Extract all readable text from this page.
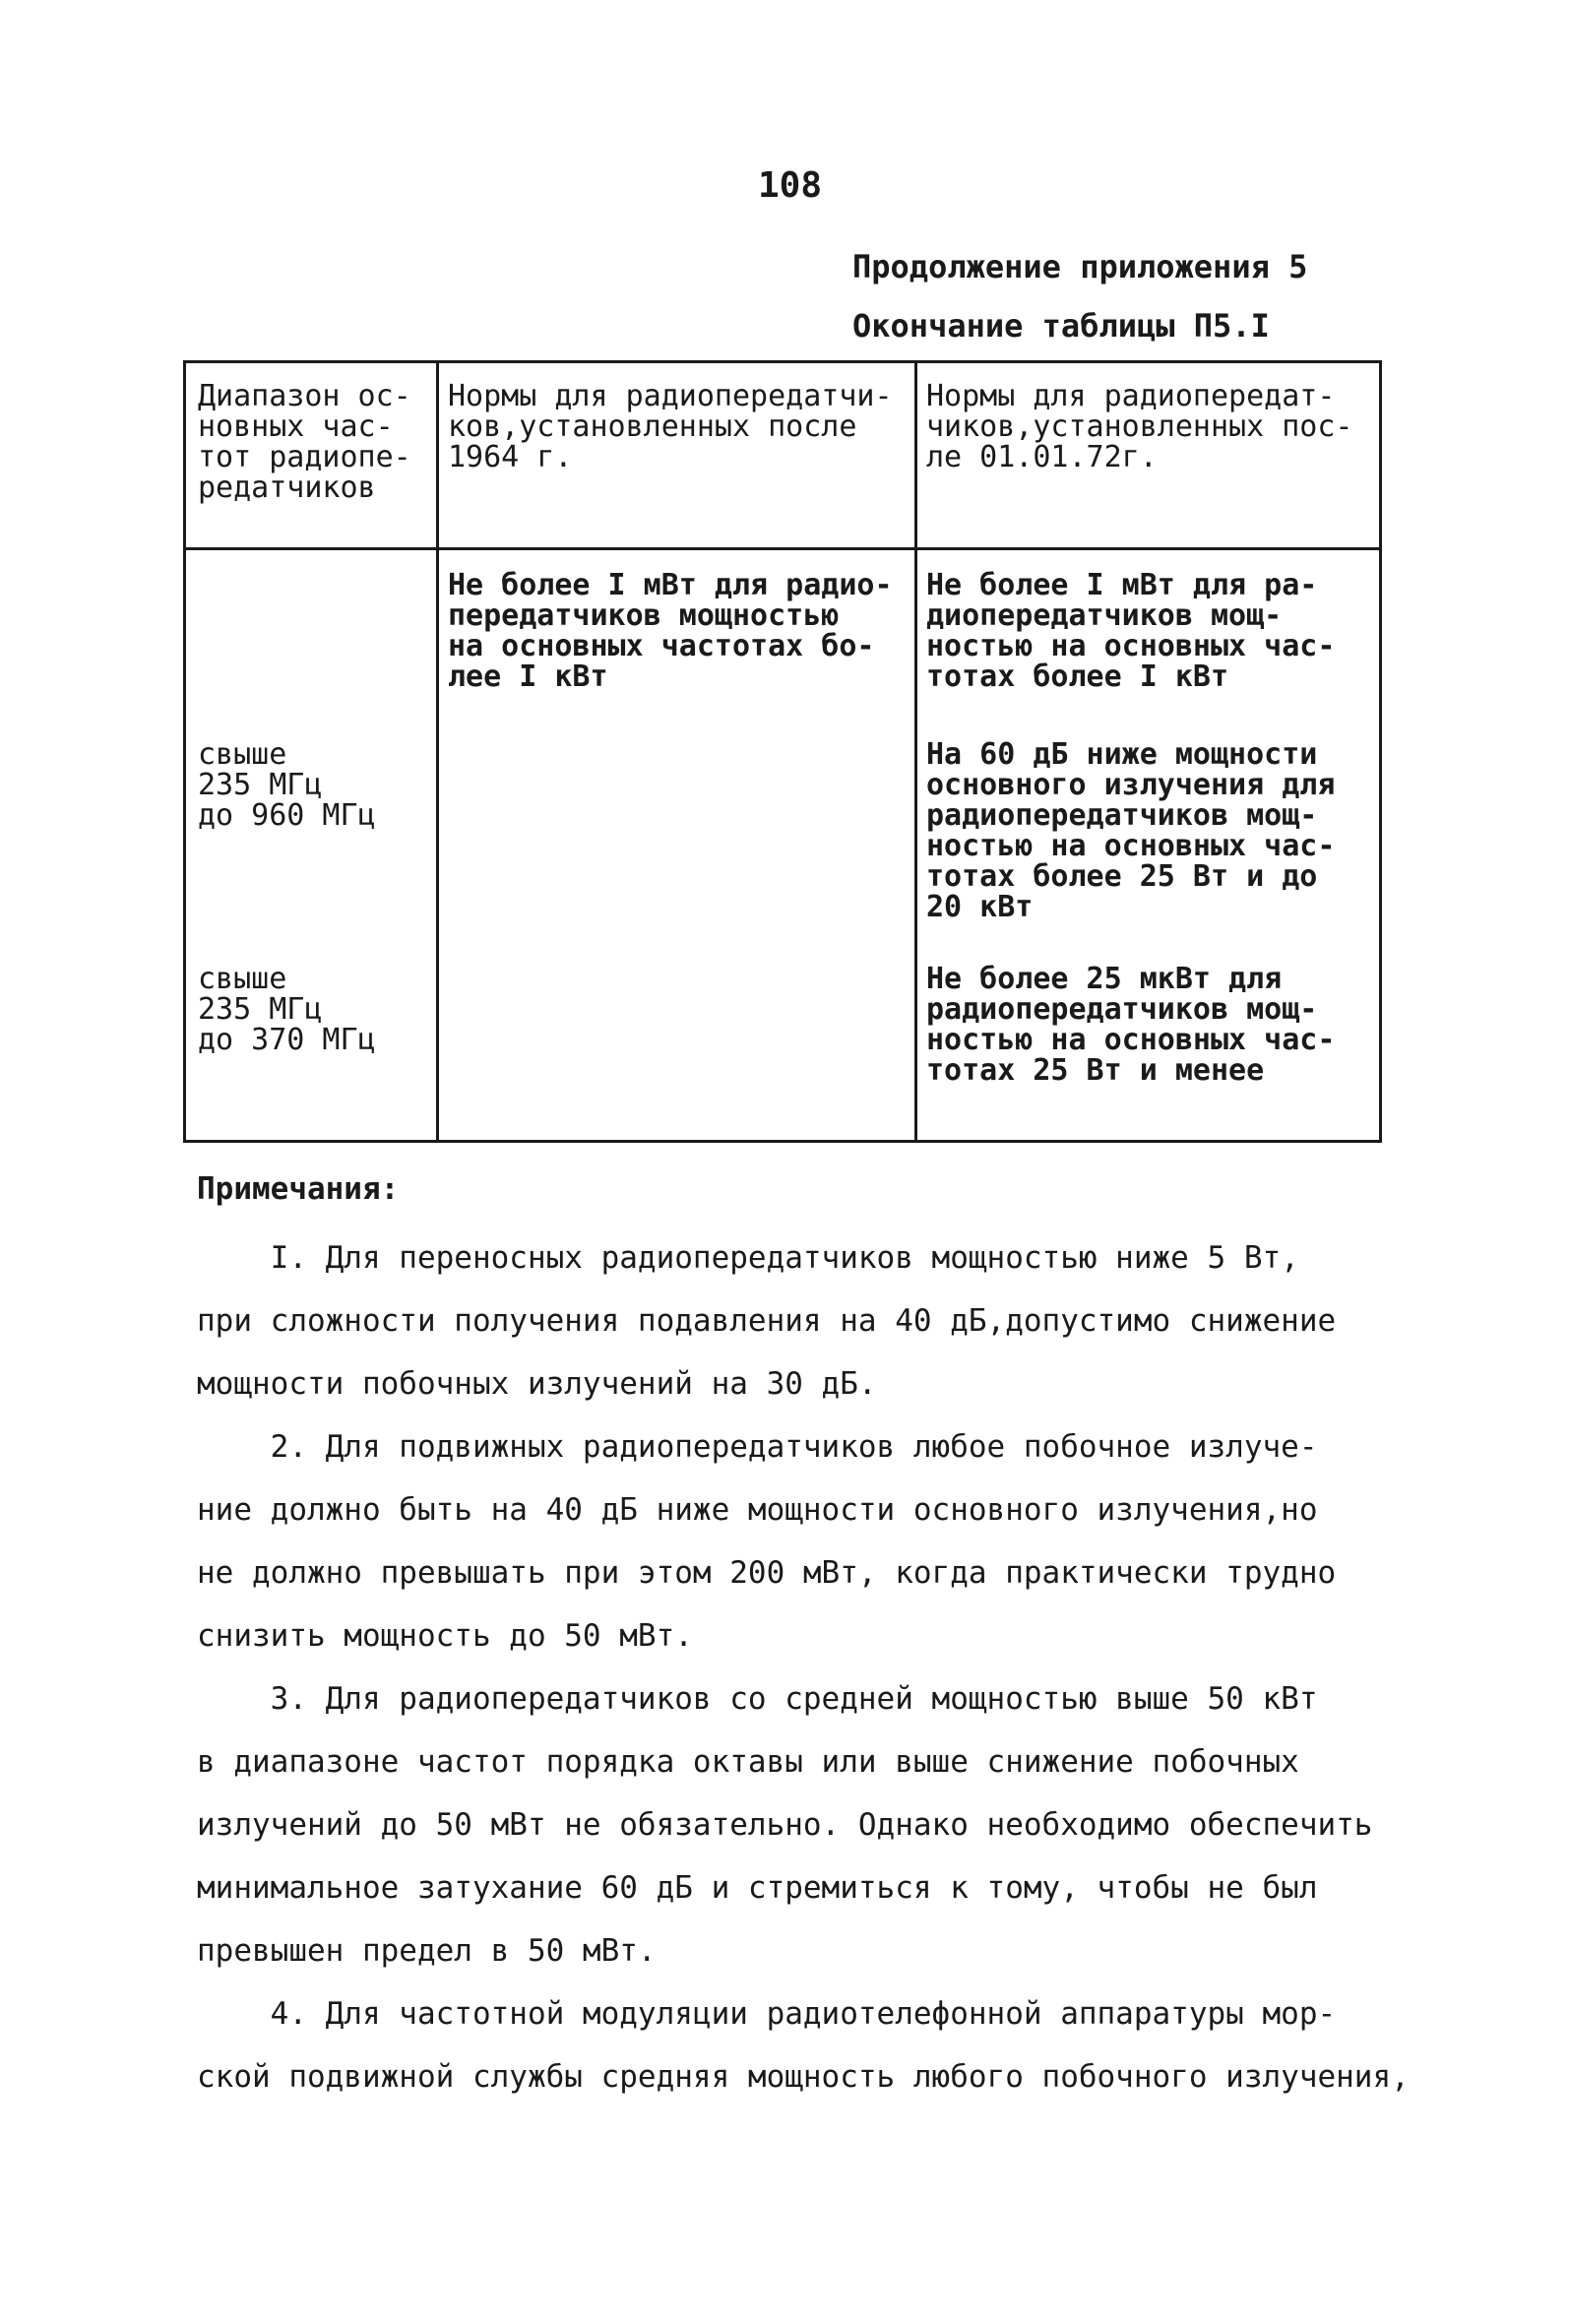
108
Продолжение приложения 5
Окончание таблицы П5.I
Диапазон ос-
новных час-
тот радиопе-
редатчиков
Нормы для радиопередатчи-
ков,установленных после
1964 г.
Нормы для радиопередат-
чиков,установленных пос-
ле 01.01.72г.
Не более I мВт для радио-
передатчиков мощностью
на основных частотах бо-
лее I кВт
Не более I мВт для ра-
диопередатчиков мощ-
ностью на основных час-
тотах более I кВт
свыше
235 МГц
до 960 МГц
На 60 дБ ниже мощности
основного излучения для
радиопередатчиков мощ-
ностью на основных час-
тотах более 25 Вт и до
20 кВт
свыше
235 МГц
до 370 МГц
Не более 25 мкВт для
радиопередатчиков мощ-
ностью на основных час-
тотах 25 Вт и менее
Примечания:
I. Для переносных радиопередатчиков мощностью ниже 5 Вт,
при сложности получения подавления на 40 дБ,допустимо снижение
мощности побочных излучений на 30 дБ.
2. Для подвижных радиопередатчиков любое побочное излуче-
ние должно быть на 40 дБ ниже мощности основного излучения,но
не должно превышать при этом 200 мВт, когда практически трудно
снизить мощность до 50 мВт.
3. Для радиопередатчиков со средней мощностью выше 50 кВт
в диапазоне частот порядка октавы или выше снижение побочных
излучений до 50 мВт не обязательно. Однако необходимо обеспечить
минимальное затухание 60 дБ и стремиться к тому, чтобы не был
превышен предел в 50 мВт.
4. Для частотной модуляции радиотелефонной аппаратуры мор-
ской подвижной службы средняя мощность любого побочного излучения,
